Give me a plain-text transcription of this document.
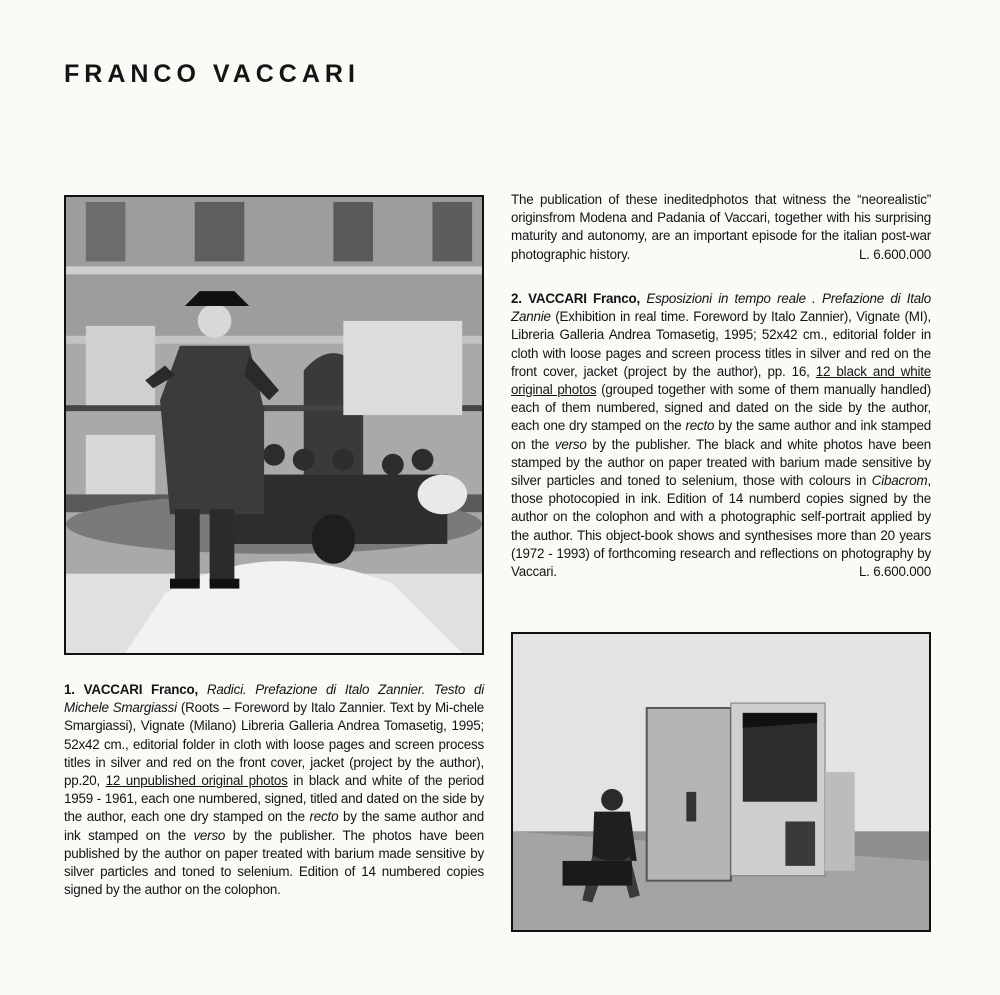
FRANCO VACCARI

The publication of these ineditedphotos that witness the “neorealistic” originsfrom Modena and Padania of Vaccari, together with his surprising maturity and autonomy, are an important episode for the italian post-war photographic history.	L. 6.600.000

2. VACCARI Franco, Esposizioni in tempo reale . Prefazione di Italo Zannie (Exhibition in real time. Foreword by Italo Zannier), Vignate (MI), Libreria Galleria Andrea Tomasetig, 1995; 52x42 cm., editorial folder in cloth with loose pages and screen process titles in silver and red on the front cover, jacket (project by the author), pp. 16, 12 black and white original photos (grouped together with some of them manually handled) each of them numbered, signed and dated on the side by the author, each one dry stamped on the recto by the same author and ink stamped on the verso by the publisher. The black and white photos have been stamped by the author on paper treated with barium made sensitive by silver particles and toned to selenium, those with colours in Cibacrom, those photocopied in ink. Edition of 14 numberd copies signed by the author on the colophon and with a photographic self-portrait applied by the author. This object-book shows and synthesises more than 20 years (1972 - 1993) of forthcoming research and reflections on photography by Vaccari.	L. 6.600.000

1. VACCARI Franco, Radici. Prefazione di Italo Zannier. Testo di Michele Smargiassi (Roots – Foreword by Italo Zannier. Text by Mi-chele Smargiassi), Vignate (Milano) Libreria Galleria Andrea Tomasetig, 1995; 52x42 cm., editorial folder in cloth with loose pages and screen process titles in silver and red on the front cover, jacket (project by the author), pp.20, 12 unpublished original photos in black and white of the period 1959 - 1961, each one numbered, signed, titled and dated on the side by the author, each one dry stamped on the recto by the same author and ink stamped on the verso by the publisher. The photos have been published by the author on paper treated with barium made sensitive by silver particles and toned to selenium. Edition of 14 numbered copies signed by the author on the colophon.
